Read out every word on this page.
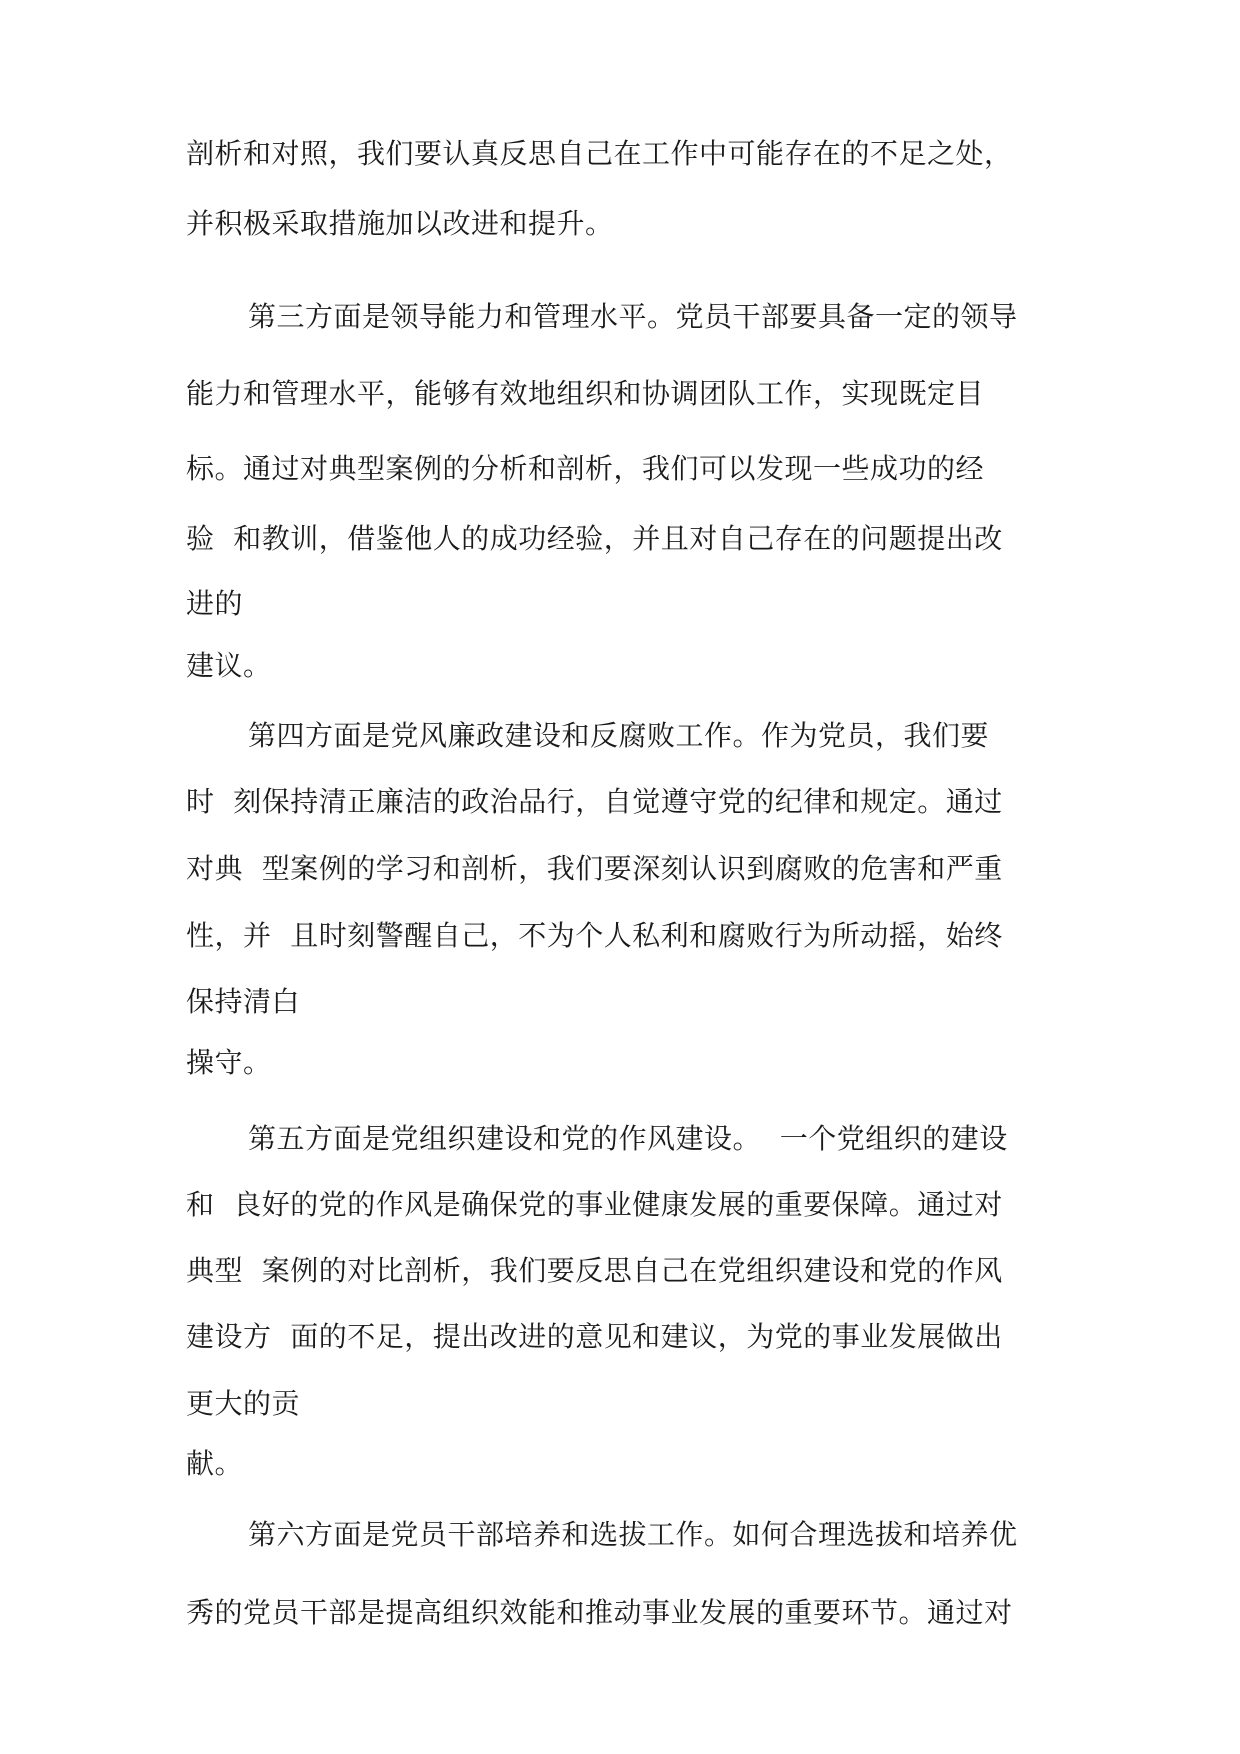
剖析和对照，我们要认真反思自己在工作中可能存在的不足之处，
并积极采取措施加以改进和提升。
第三方面是领导能力和管理水平。党员干部要具备一定的领导
能力和管理水平，能够有效地组织和协调团队工作，实现既定目
标。通过对典型案例的分析和剖析，我们可以发现一些成功的经
验  和教训，借鉴他人的成功经验，并且对自己存在的问题提出改
进的
建议。
第四方面是党风廉政建设和反腐败工作。作为党员，我们要
时  刻保持清正廉洁的政治品行，自觉遵守党的纪律和规定。通过
对典  型案例的学习和剖析，我们要深刻认识到腐败的危害和严重
性，并  且时刻警醒自己，不为个人私利和腐败行为所动摇，始终
保持清白
操守。
第五方面是党组织建设和党的作风建设。  一个党组织的建设
和  良好的党的作风是确保党的事业健康发展的重要保障。通过对
典型  案例的对比剖析，我们要反思自己在党组织建设和党的作风
建设方  面的不足，提出改进的意见和建议，为党的事业发展做出
更大的贡
献。
第六方面是党员干部培养和选拔工作。如何合理选拔和培养优
秀的党员干部是提高组织效能和推动事业发展的重要环节。通过对
